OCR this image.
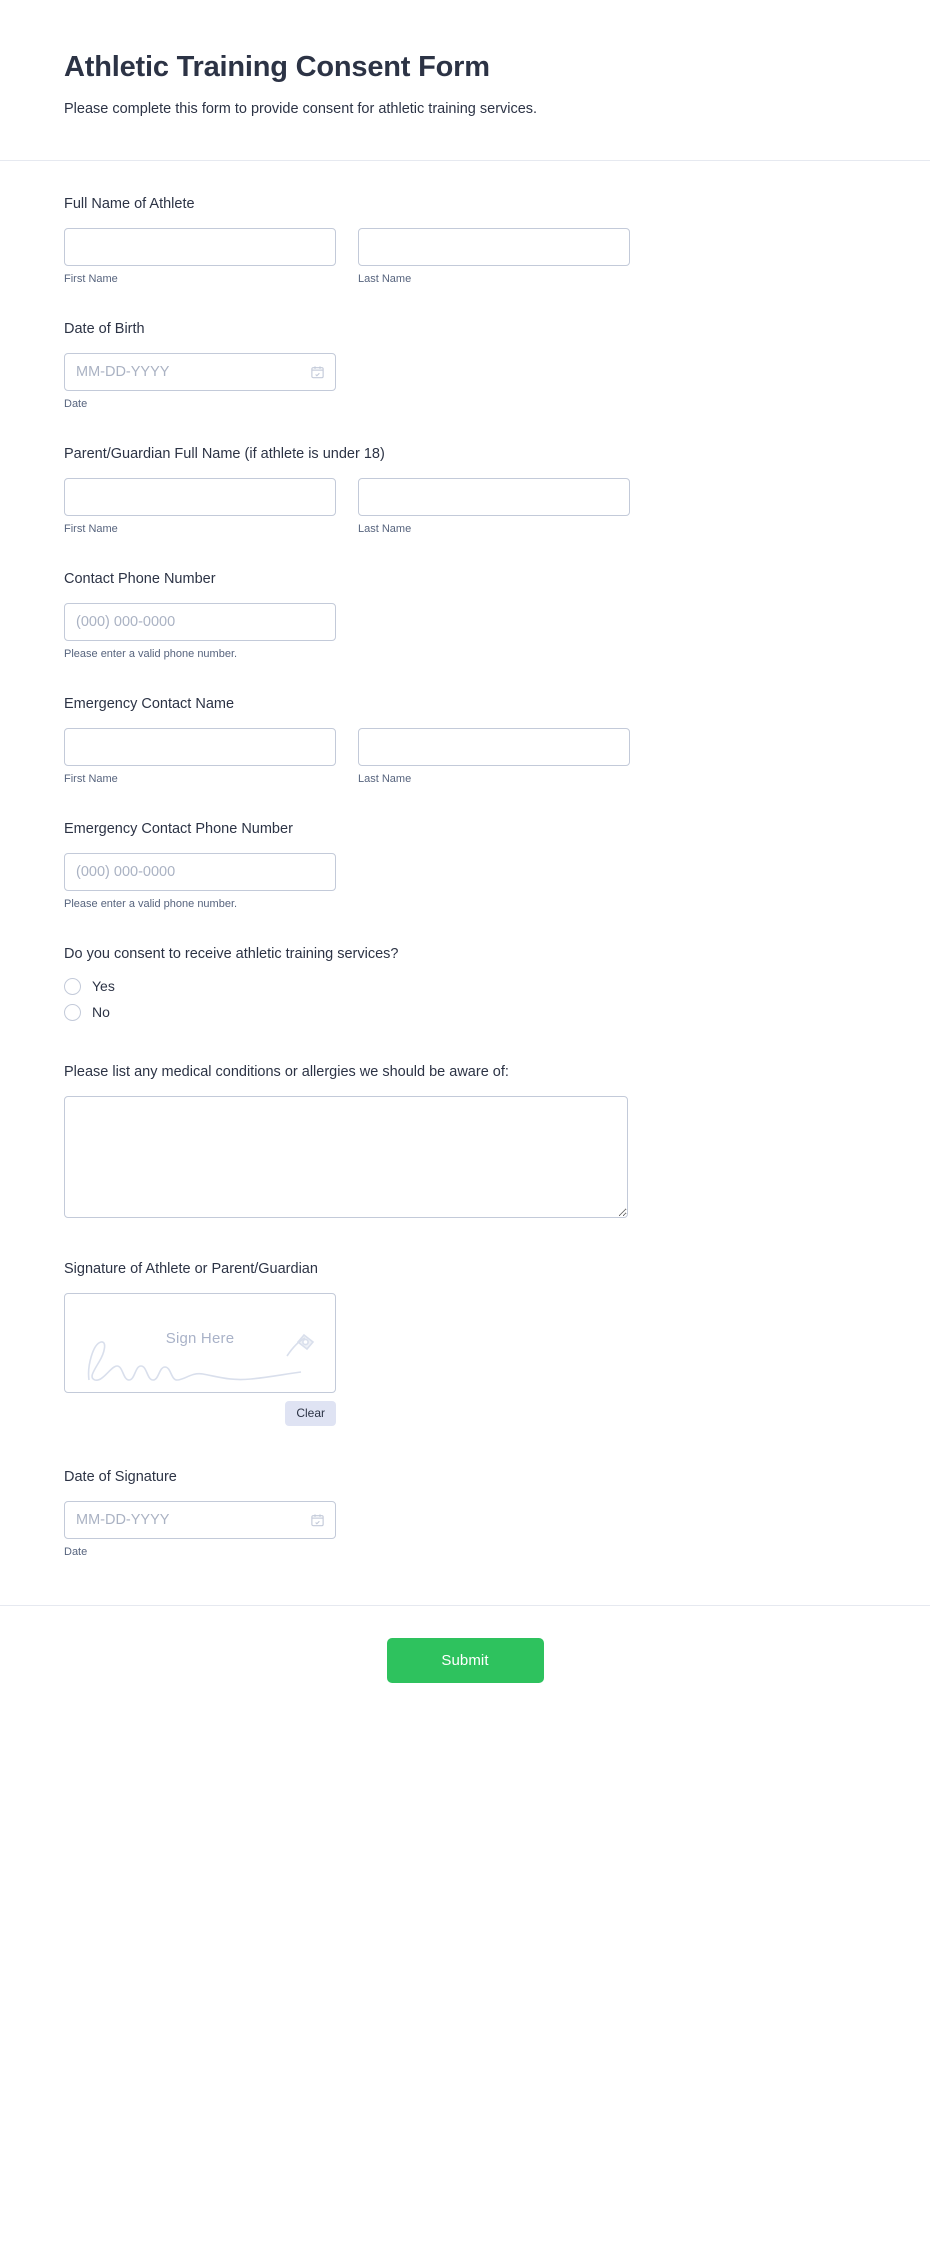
Athletic Training Consent Form

Please complete this form to provide consent for athletic training services.

Full Name of Athlete
First Name	Last Name
Date of Birth
MM-DD-YYYY
Date
Parent/Guardian Full Name (if athlete is under 18)
First Name	Last Name
Contact Phone Number
(000) 000-0000
Please enter a valid phone number.
Emergency Contact Name
First Name	Last Name
Emergency Contact Phone Number
(000) 000-0000
Please enter a valid phone number.
Do you consent to receive athletic training services?
Yes
No
Please list any medical conditions or allergies we should be aware of:
Signature of Athlete or Parent/Guardian
Sign Here
Clear
Date of Signature
MM-DD-YYYY
Date
Submit
